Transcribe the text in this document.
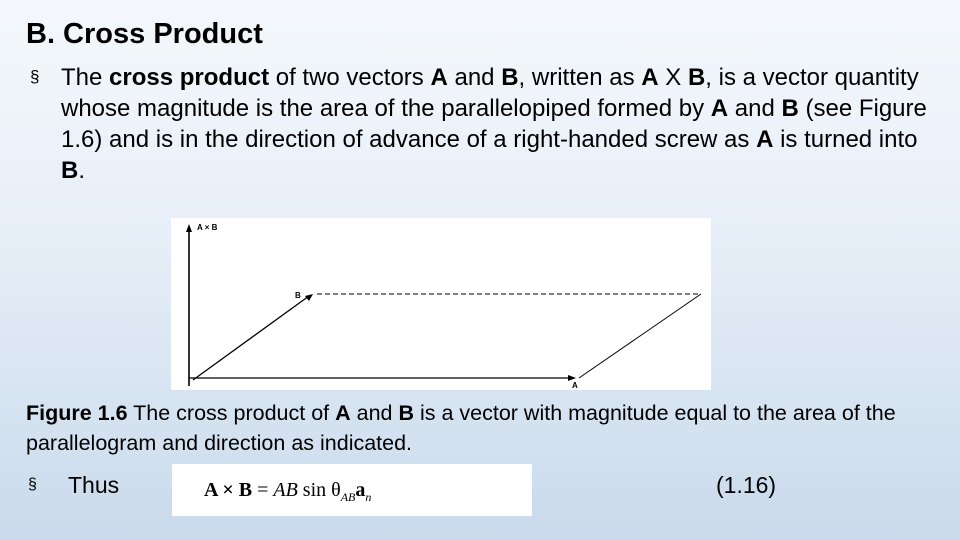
B. Cross Product
§ The cross product of two vectors A and B, written as A X B, is a vector quantity whose magnitude is the area of the parallelopiped formed by A and B (see Figure 1.6) and is in the direction of advance of a right-handed screw as A is turned into B.
A × B
A
B
Figure 1.6 The cross product of A and B is a vector with magnitude equal to the area of the parallelogram and direction as indicated.
§ Thus	A × B = AB $\sin \theta_{AB}a_n$	(1.16)
